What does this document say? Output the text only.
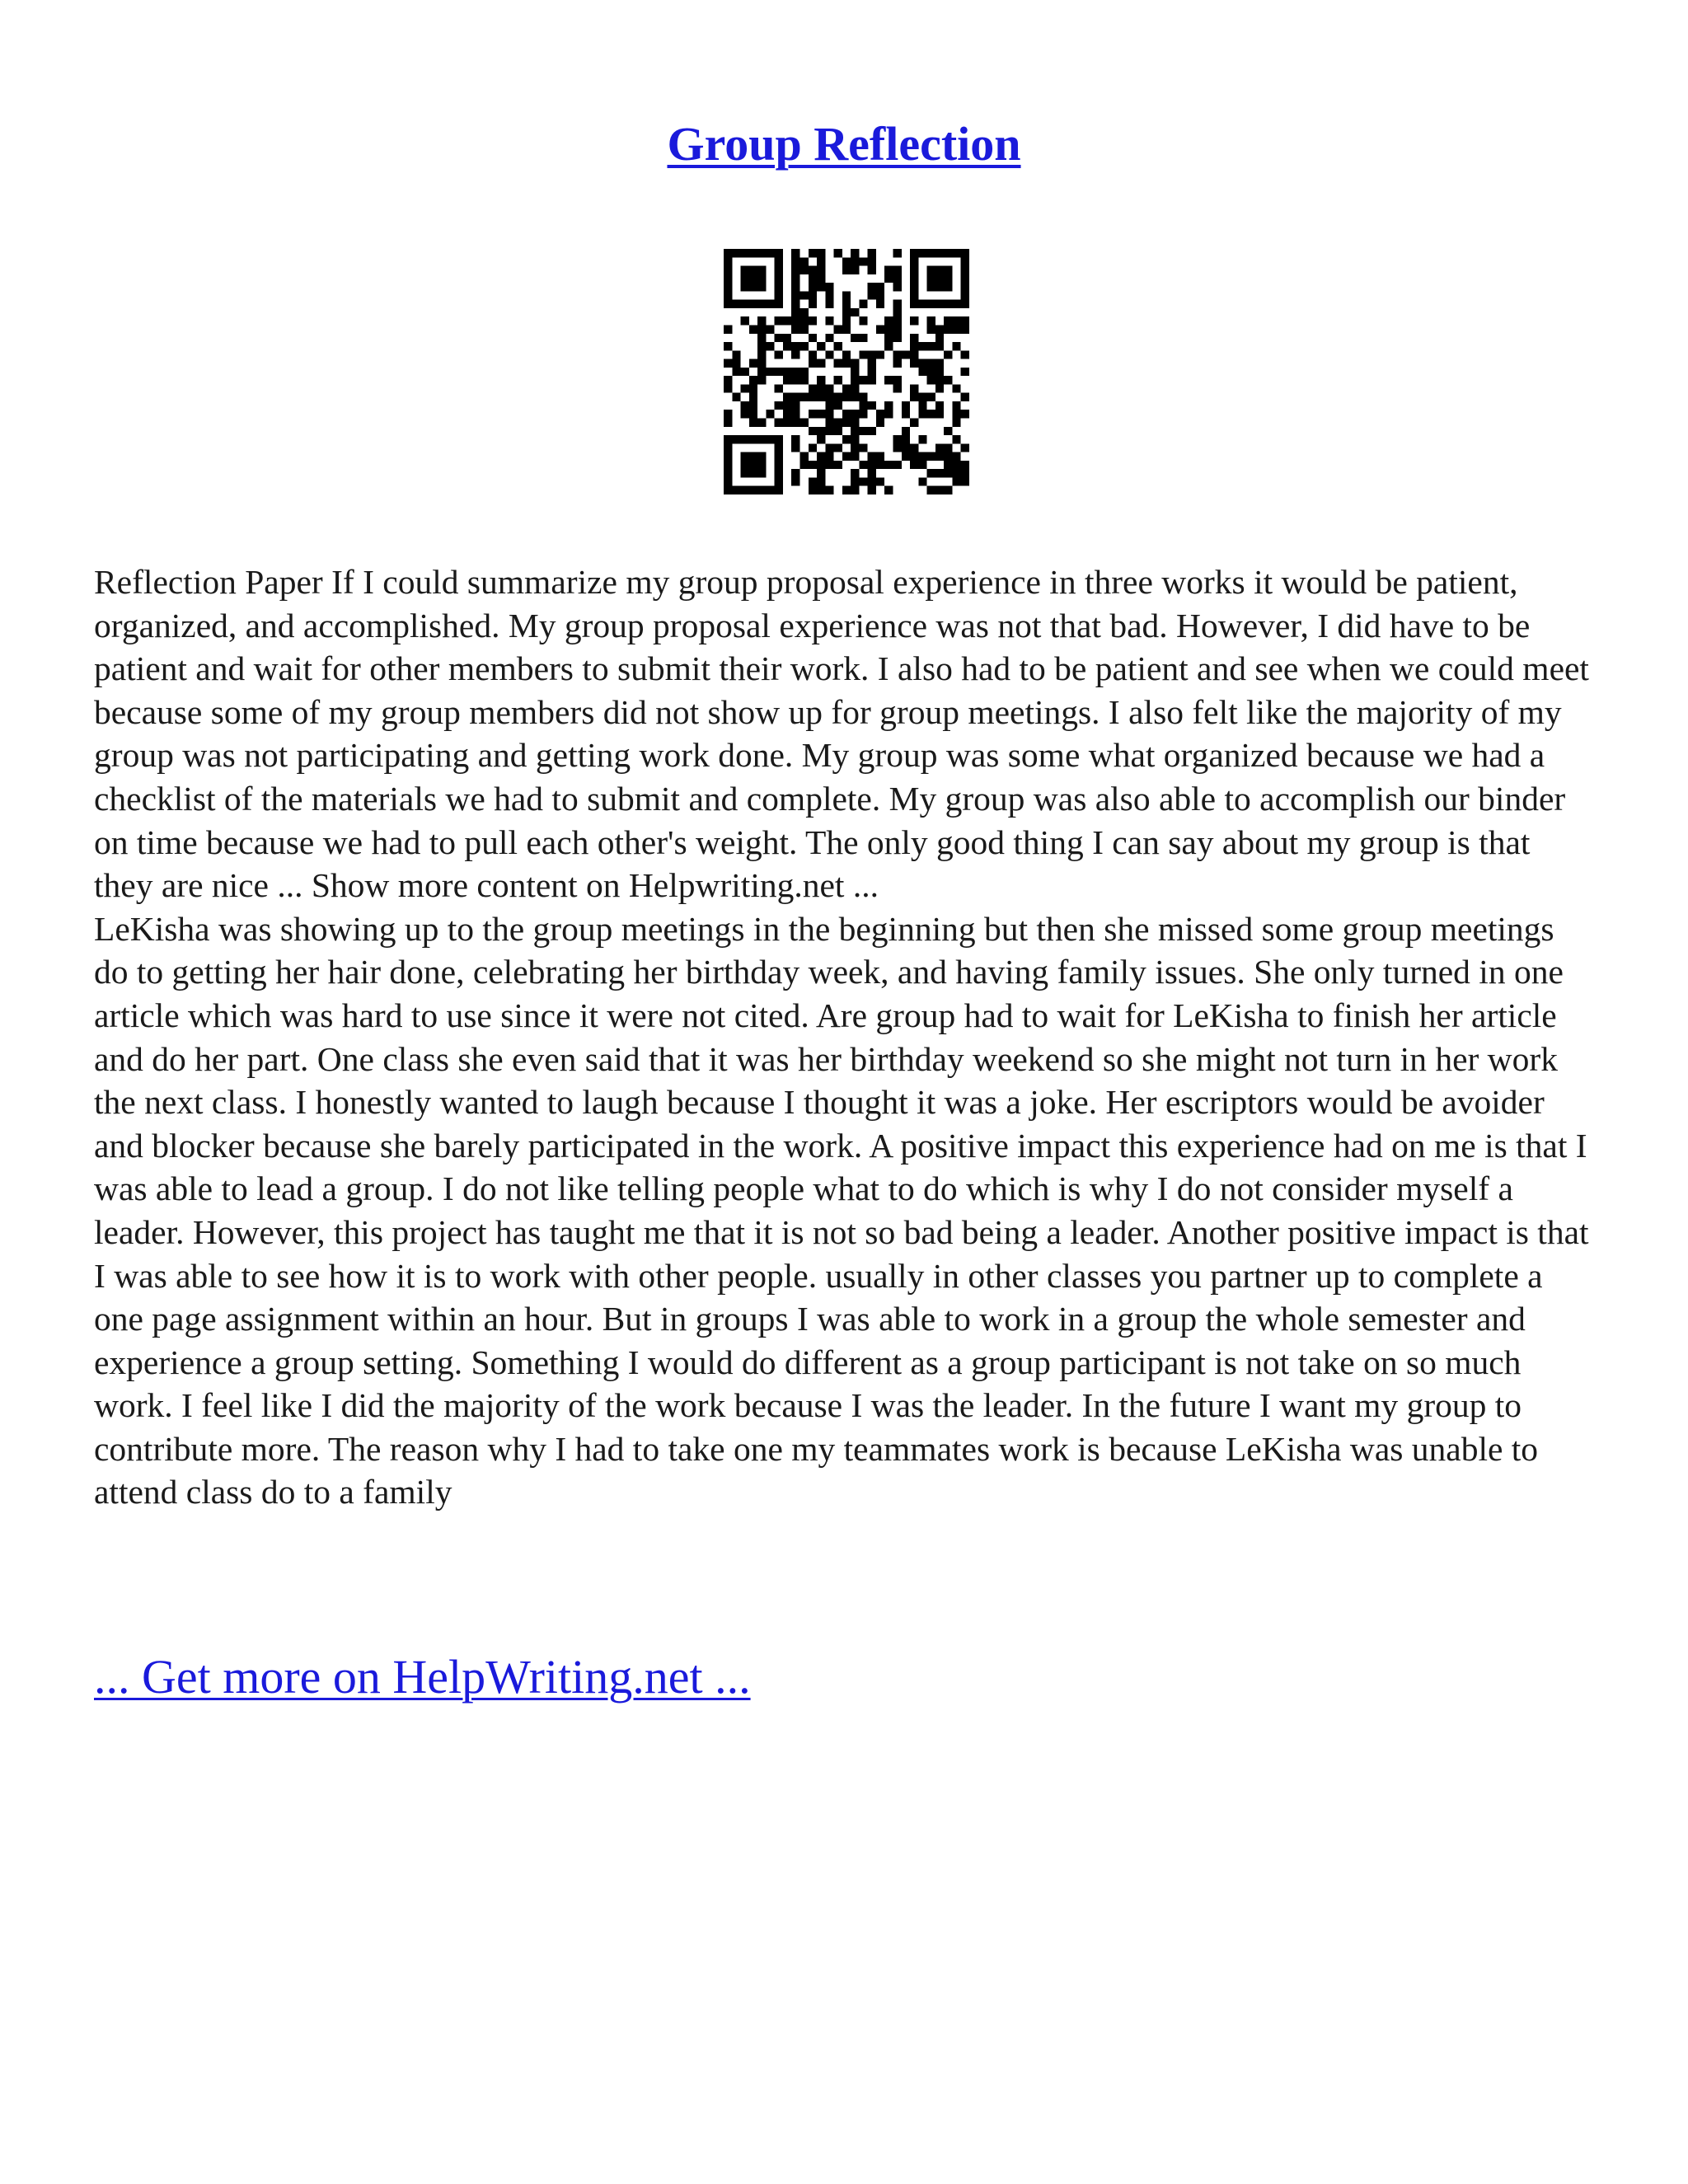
Group Reflection

Reflection Paper If I could summarize my group proposal experience in three works it would be patient, organized, and accomplished. My group proposal experience was not that bad. However, I did have to be patient and wait for other members to submit their work. I also had to be patient and see when we could meet because some of my group members did not show up for group meetings. I also felt like the majority of my group was not participating and getting work done. My group was some what organized because we had a checklist of the materials we had to submit and complete. My group was also able to accomplish our binder on time because we had to pull each other's weight. The only good thing I can say about my group is that they are nice ... Show more content on Helpwriting.net ...

LeKisha was showing up to the group meetings in the beginning but then she missed some group meetings do to getting her hair done, celebrating her birthday week, and having family issues. She only turned in one article which was hard to use since it were not cited. Are group had to wait for LeKisha to finish her article and do her part. One class she even said that it was her birthday weekend so she might not turn in her work the next class. I honestly wanted to laugh because I thought it was a joke. Her escriptors would be avoider and blocker because she barely participated in the work. A positive impact this experience had on me is that I was able to lead a group. I do not like telling people what to do which is why I do not consider myself a leader. However, this project has taught me that it is not so bad being a leader. Another positive impact is that I was able to see how it is to work with other people. usually in other classes you partner up to complete a one page assignment within an hour. But in groups I was able to work in a group the whole semester and experience a group setting. Something I would do different as a group participant is not take on so much work. I feel like I did the majority of the work because I was the leader. In the future I want my group to contribute more. The reason why I had to take one my teammates work is because LeKisha was unable to attend class do to a family

... Get more on HelpWriting.net ...
